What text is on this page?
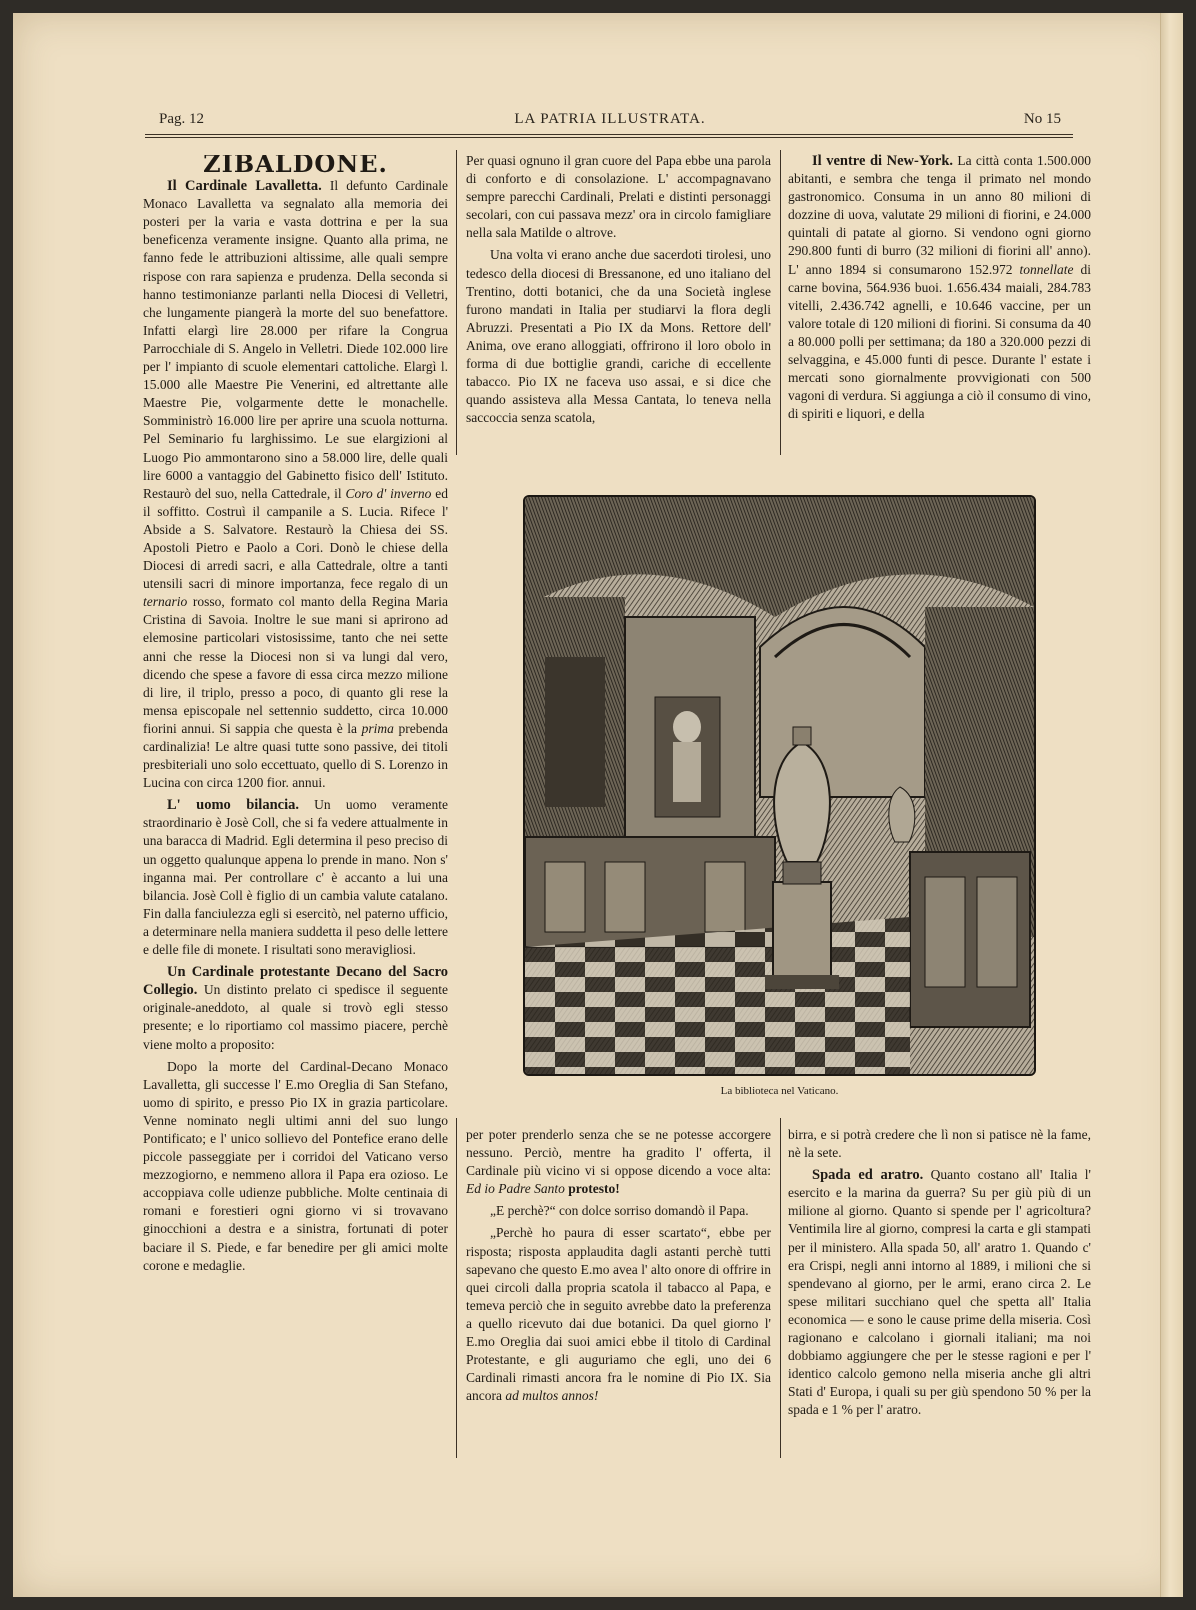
Pag. 12	LA PATRIA ILLUSTRATA.	No 15

ZIBALDONE.

Il Cardinale Lavalletta. Il defunto Cardinale Monaco Lavalletta va segnalato alla memoria dei posteri per la varia e vasta dottrina e per la sua beneficenza veramente insigne. Quanto alla prima, ne fanno fede le attribuzioni altissime, alle quali sempre rispose con rara sapienza e prudenza. Della seconda si hanno testimonianze parlanti nella Diocesi di Velletri, che lungamente piangerà la morte del suo benefattore. Infatti elargì lire 28.000 per rifare la Congrua Parrocchiale di S. Angelo in Velletri. Diede 102.000 lire per l' impianto di scuole elementari cattoliche. Elargì l. 15.000 alle Maestre Pie Venerini, ed altrettante alle Maestre Pie, volgarmente dette le monachelle. Somministrò 16.000 lire per aprire una scuola notturna. Pel Seminario fu larghissimo. Le sue elargizioni al Luogo Pio ammontarono sino a 58.000 lire, delle quali lire 6000 a vantaggio del Gabinetto fisico dell' Istituto. Restaurò del suo, nella Cattedrale, il Coro d' inverno ed il soffitto. Costruì il campanile a S. Lucia. Rifece l' Abside a S. Salvatore. Restaurò la Chiesa dei SS. Apostoli Pietro e Paolo a Cori. Donò le chiese della Diocesi di arredi sacri, e alla Cattedrale, oltre a tanti utensili sacri di minore importanza, fece regalo di un ternario rosso, formato col manto della Regina Maria Cristina di Savoia. Inoltre le sue mani si aprirono ad elemosine particolari vistosissime, tanto che nei sette anni che resse la Diocesi non si va lungi dal vero, dicendo che spese a favore di essa circa mezzo milione di lire, il triplo, presso a poco, di quanto gli rese la mensa episcopale nel settennio suddetto, circa 10.000 fiorini annui. Si sappia che questa è la prima prebenda cardinalizia! Le altre quasi tutte sono passive, dei titoli presbiteriali uno solo eccettuato, quello di S. Lorenzo in Lucina con circa 1200 fior. annui.

L' uomo bilancia. Un uomo veramente straordinario è Josè Coll, che si fa vedere attualmente in una baracca di Madrid. Egli determina il peso preciso di un oggetto qualunque appena lo prende in mano. Non s' inganna mai. Per controllare c' è accanto a lui una bilancia. Josè Coll è figlio di un cambia valute catalano. Fin dalla fanciulezza egli si esercitò, nel paterno ufficio, a determinare nella maniera suddetta il peso delle lettere e delle file di monete. I risultati sono meravigliosi.

Un Cardinale protestante Decano del Sacro Collegio. Un distinto prelato ci spedisce il seguente originale-aneddoto, al quale si trovò egli stesso presente; e lo riportiamo col massimo piacere, perchè viene molto a proposito:

Dopo la morte del Cardinal-Decano Monaco Lavalletta, gli successe l' E.mo Oreglia di San Stefano, uomo di spirito, e presso Pio IX in grazia particolare. Venne nominato negli ultimi anni del suo lungo Pontificato; e l' unico sollievo del Pontefice erano delle piccole passeggiate per i corridoi del Vaticano verso mezzogiorno, e nemmeno allora il Papa era ozioso. Le accoppiava colle udienze pubbliche. Molte centinaia di romani e forestieri ogni giorno vi si trovavano ginocchioni a destra e a sinistra, fortunati di poter baciare il S. Piede, e far benedire per gli amici molte corone e medaglie.

Per quasi ognuno il gran cuore del Papa ebbe una parola di conforto e di consolazione. L' accompagnavano sempre parecchi Cardinali, Prelati e distinti personaggi secolari, con cui passava mezz' ora in circolo famigliare nella sala Matilde o altrove.

Una volta vi erano anche due sacerdoti tirolesi, uno tedesco della diocesi di Bressanone, ed uno italiano del Trentino, dotti botanici, che da una Società inglese furono mandati in Italia per studiarvi la flora degli Abruzzi. Presentati a Pio IX da Mons. Rettore dell' Anima, ove erano alloggiati, offrirono il loro obolo in forma di due bottiglie grandi, cariche di eccellente tabacco. Pio IX ne faceva uso assai, e si dice che quando assisteva alla Messa Cantata, lo teneva nella saccoccia senza scatola,

Il ventre di New-York. La città conta 1.500.000 abitanti, e sembra che tenga il primato nel mondo gastronomico. Consuma in un anno 80 milioni di dozzine di uova, valutate 29 milioni di fiorini, e 24.000 quintali di patate al giorno. Si vendono ogni giorno 290.800 funti di burro (32 milioni di fiorini all' anno). L' anno 1894 si consumarono 152.972 tonnellate di carne bovina, 564.936 buoi. 1.656.434 maiali, 284.783 vitelli, 2.436.742 agnelli, e 10.646 vaccine, per un valore totale di 120 milioni di fiorini. Si consuma da 40 a 80.000 polli per settimana; da 180 a 320.000 pezzi di selvaggina, e 45.000 funti di pesce. Durante l' estate i mercati sono giornalmente provvigionati con 500 vagoni di verdura. Si aggiunga a ciò il consumo di vino, di spiriti e liquori, e della

La biblioteca nel Vaticano.

per poter prenderlo senza che se ne potesse accorgere nessuno. Perciò, mentre ha gradito l' offerta, il Cardinale più vicino vi si oppose dicendo a voce alta: Ed io Padre Santo protesto!

„E perchè?“ con dolce sorriso domandò il Papa.

„Perchè ho paura di esser scartato“, ebbe per risposta; risposta applaudita dagli astanti perchè tutti sapevano che questo E.mo avea l' alto onore di offrire in quei circoli dalla propria scatola il tabacco al Papa, e temeva perciò che in seguito avrebbe dato la preferenza a quello ricevuto dai due botanici. Da quel giorno l' E.mo Oreglia dai suoi amici ebbe il titolo di Cardinal Protestante, e gli auguriamo che egli, uno dei 6 Cardinali rimasti ancora fra le nomine di Pio IX. Sia ancora ad multos annos!

birra, e si potrà credere che lì non si patisce nè la fame, nè la sete.

Spada ed aratro. Quanto costano all' Italia l' esercito e la marina da guerra? Su per giù più di un milione al giorno. Quanto si spende per l' agricoltura? Ventimila lire al giorno, compresi la carta e gli stampati per il ministero. Alla spada 50, all' aratro 1. Quando c' era Crispi, negli anni intorno al 1889, i milioni che si spendevano al giorno, per le armi, erano circa 2. Le spese militari succhiano quel che spetta all' Italia economica — e sono le cause prime della miseria. Così ragionano e calcolano i giornali italiani; ma noi dobbiamo aggiungere che per le stesse ragioni e per l' identico calcolo gemono nella miseria anche gli altri Stati d' Europa, i quali su per giù spendono 50 % per la spada e 1 % per l' aratro.
